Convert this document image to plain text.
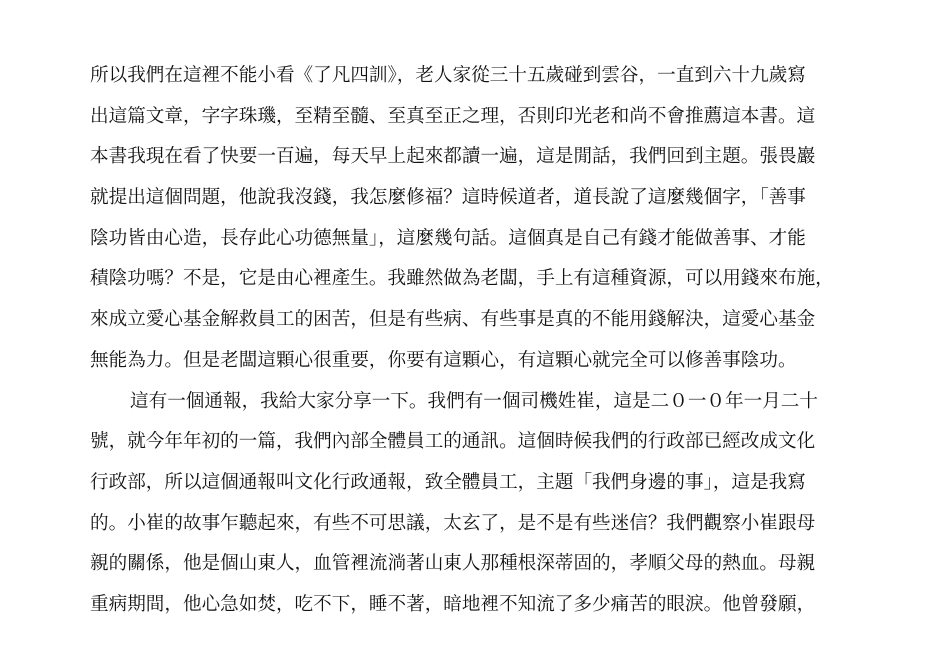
所以我們在這裡不能小看《了凡四訓》，老人家從三十五歲碰到雲谷，一直到六十九歲寫
出這篇文章，字字珠璣，至精至髓、至真至正之理，否則印光老和尚不會推薦這本書。這
本書我現在看了快要一百遍，每天早上起來都讀一遍，這是閒話，我們回到主題。張畏巖
就提出這個問題，他說我沒錢，我怎麼修福？這時候道者，道長說了這麼幾個字，「善事
陰功皆由心造，長存此心功德無量」，這麼幾句話。這個真是自己有錢才能做善事、才能
積陰功嗎？不是，它是由心裡產生。我雖然做為老闆，手上有這種資源，可以用錢來布施，
來成立愛心基金解救員工的困苦，但是有些病、有些事是真的不能用錢解決，這愛心基金
無能為力。但是老闆這顆心很重要，你要有這顆心，有這顆心就完全可以修善事陰功。
這有一個通報，我給大家分享一下。我們有一個司機姓崔，這是二０一０年一月二十
號，就今年年初的一篇，我們內部全體員工的通訊。這個時候我們的行政部已經改成文化
行政部，所以這個通報叫文化行政通報，致全體員工，主題「我們身邊的事」，這是我寫
的。小崔的故事乍聽起來，有些不可思議，太玄了，是不是有些迷信？我們觀察小崔跟母
親的關係，他是個山東人，血管裡流淌著山東人那種根深蒂固的，孝順父母的熱血。母親
重病期間，他心急如焚，吃不下，睡不著，暗地裡不知流了多少痛苦的眼淚。他曾發願，
